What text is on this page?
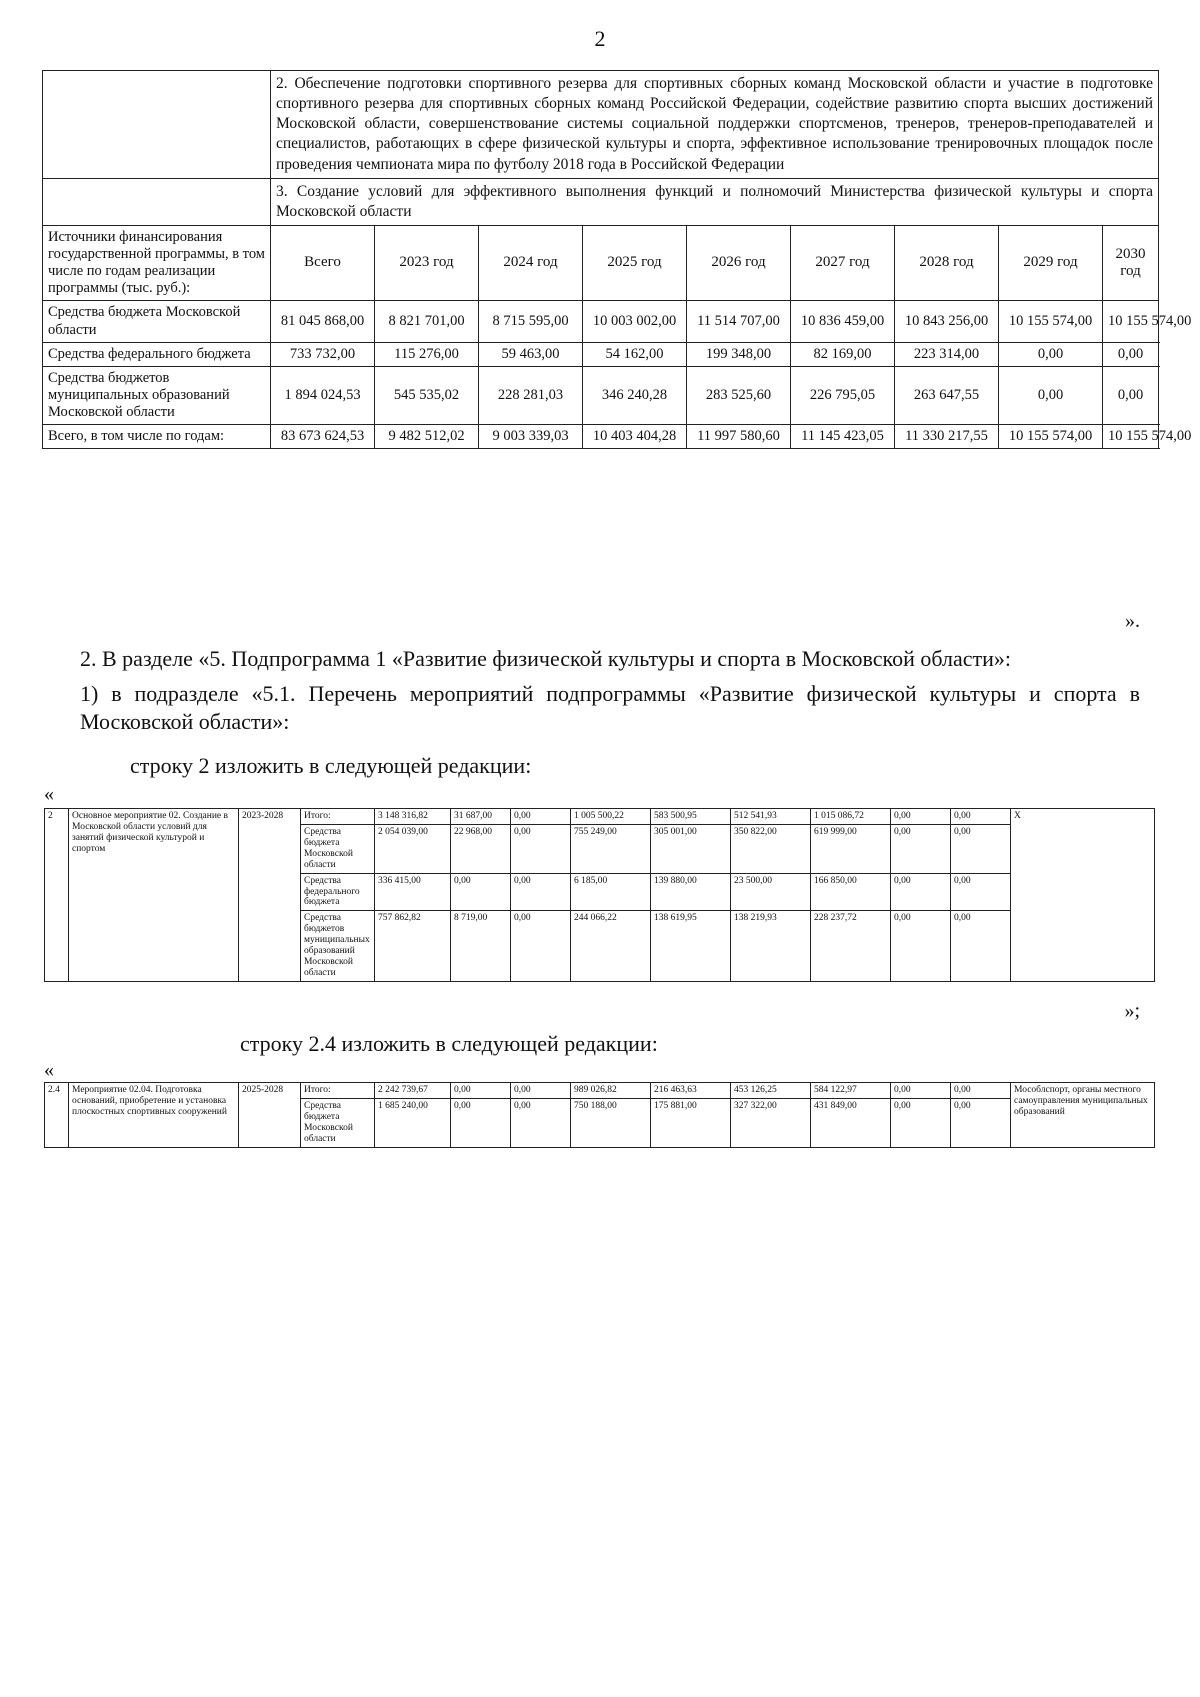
2
	2. Обеспечение подготовки спортивного резерва для спортивных сборных команд Московской области и участие в подготовке спортивного резерва для спортивных сборных команд Российской Федерации, содействие развитию спорта высших достижений Московской области, совершенствование системы социальной поддержки спортсменов, тренеров, тренеров-преподавателей и специалистов, работающих в сфере физической культуры и спорта, эффективное использование тренировочных площадок после проведения чемпионата мира по футболу 2018 года в Российской Федерации								
	3. Создание условий для эффективного выполнения функций и полномочий Министерства физической культуры и спорта Московской области								
Источники финансирования государственной программы, в том числе по годам реализации программы (тыс. руб.):	Всего	2023 год	2024 год	2025 год	2026 год	2027 год	2028 год	2029 год	2030 год
Средства бюджета Московской области	81 045 868,00	8 821 701,00	8 715 595,00	10 003 002,00	11 514 707,00	10 836 459,00	10 843 256,00	10 155 574,00	10 155 574,00
Средства федерального бюджета	733 732,00	115 276,00	59 463,00	54 162,00	199 348,00	82 169,00	223 314,00	0,00	0,00
Средства бюджетов муниципальных образований Московской области	1 894 024,53	545 535,02	228 281,03	346 240,28	283 525,60	226 795,05	263 647,55	0,00	0,00
Всего, в том числе по годам:	83 673 624,53	9 482 512,02	9 003 339,03	10 403 404,28	11 997 580,60	11 145 423,05	11 330 217,55	10 155 574,00	10 155 574,00
».
2. В разделе «5. Подпрограмма 1 «Развитие физической культуры и спорта в Московской области»:
1) в подразделе «5.1. Перечень мероприятий подпрограммы «Развитие физической культуры и спорта в Московской области»:
строку 2 изложить в следующей редакции:
«
2	Основное мероприятие 02. Создание в Московской области условий для занятий физической культурой и спортом	2023-2028	Итого:	3 148 316,82	31 687,00	0,00	1 005 500,22	583 500,95	512 541,93	1 015 086,72	0,00	0,00	Х
			Средства бюджета Московской области	2 054 039,00	22 968,00	0,00	755 249,00	305 001,00	350 822,00	619 999,00	0,00	0,00	
			Средства федерального бюджета	336 415,00	0,00	0,00	6 185,00	139 880,00	23 500,00	166 850,00	0,00	0,00	
			Средства бюджетов муниципальных образований Московской области	757 862,82	8 719,00	0,00	244 066,22	138 619,95	138 219,93	228 237,72	0,00	0,00	
»;
строку 2.4 изложить в следующей редакции:
«
2.4	Мероприятие 02.04. Подготовка оснований, приобретение и установка плоскостных спортивных сооружений	2025-2028	Итого:	2 242 739,67	0,00	0,00	989 026,82	216 463,63	453 126,25	584 122,97	0,00	0,00	Мособлспорт, органы местного самоуправления муниципальных образований
			Средства бюджета Московской области	1 685 240,00	0,00	0,00	750 188,00	175 881,00	327 322,00	431 849,00	0,00	0,00	
